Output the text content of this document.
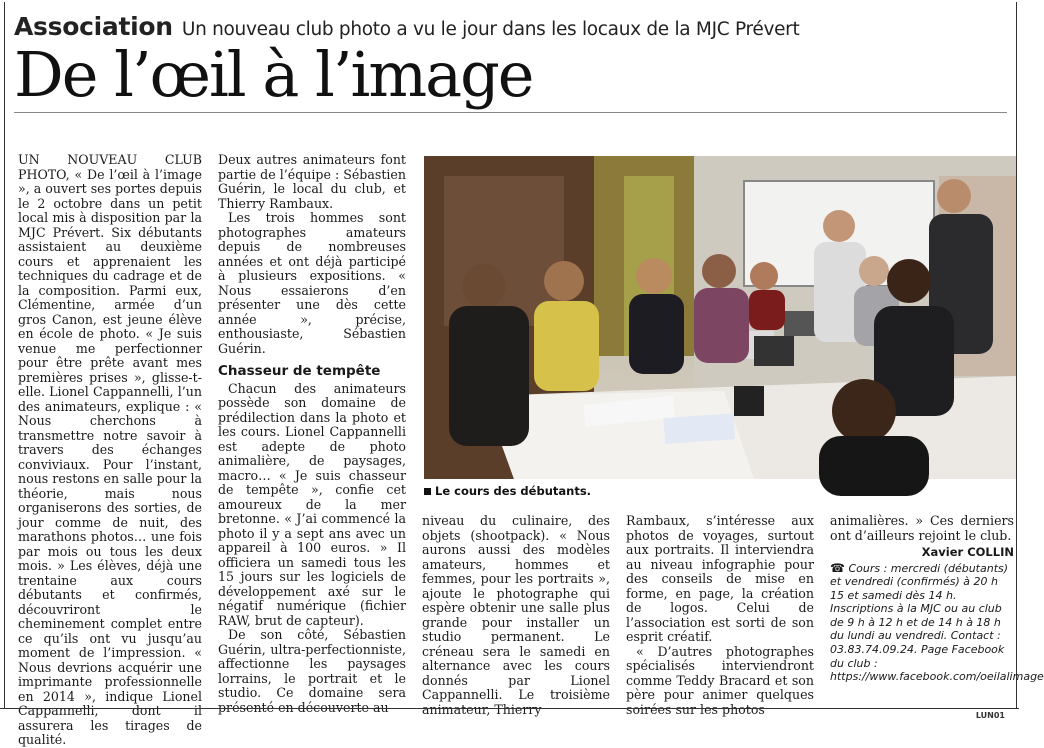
Association Un nouveau club photo a vu le jour dans les locaux de la MJC Prévert
De l’œil à l’image

UN NOUVEAU CLUB PHOTO, « De l’œil à l’image », a ouvert ses portes depuis le 2 octobre dans un petit local mis à disposition par la MJC Prévert. Six débutants assistaient au deuxième cours et apprenaient les techniques du cadrage et de la composition. Parmi eux, Clémentine, armée d’un gros Canon, est jeune élève en école de photo. « Je suis venue me perfectionner pour être prête avant mes premières prises », glisse-t-elle. Lionel Cappannelli, l’un des animateurs, explique : « Nous cherchons à transmettre notre savoir à travers des échanges conviviaux. Pour l’instant, nous restons en salle pour la théorie, mais nous organiserons des sorties, de jour comme de nuit, des marathons photos… une fois par mois ou tous les deux mois. » Les élèves, déjà une trentaine aux cours débutants et confirmés, découvriront le cheminement complet entre ce qu’ils ont vu jusqu’au moment de l’impression. « Nous devrions acquérir une imprimante professionnelle en 2014 », indique Lionel Cappannelli, dont il assurera les tirages de qualité.

Deux autres animateurs font partie de l’équipe : Sébastien Guérin, le local du club, et Thierry Rambaux.

Les trois hommes sont photographes amateurs depuis de nombreuses années et ont déjà participé à plusieurs expositions. « Nous essaierons d’en présenter une dès cette année », précise, enthousiaste, Sébastien Guérin.

Chasseur de tempête

Chacun des animateurs possède son domaine de prédilection dans la photo et les cours. Lionel Cappannelli est adepte de photo animalière, de paysages, macro… « Je suis chasseur de tempête », confie cet amoureux de la mer bretonne. « J’ai commencé la photo il y a sept ans avec un appareil à 100 euros. » Il officiera un samedi tous les 15 jours sur les logiciels de développement axé sur le négatif numérique (fichier RAW, brut de capteur).

De son côté, Sébastien Guérin, ultra-perfectionniste, affectionne les paysages lorrains, le portrait et le studio. Ce domaine sera présenté en découverte au

Le cours des débutants.

niveau du culinaire, des objets (shootpack). « Nous aurons aussi des modèles amateurs, hommes et femmes, pour les portraits », ajoute le photographe qui espère obtenir une salle plus grande pour installer un studio permanent. Le créneau sera le samedi en alternance avec les cours donnés par Lionel Cappannelli. Le troisième animateur, Thierry

Rambaux, s’intéresse aux photos de voyages, surtout aux portraits. Il interviendra au niveau infographie pour des conseils de mise en forme, en page, la création de logos. Celui de l’association est sorti de son esprit créatif.

« D’autres photographes spécialisés interviendront comme Teddy Bracard et son père pour animer quelques soirées sur les photos

animalières. » Ces derniers ont d’ailleurs rejoint le club.

Xavier COLLIN
☎ Cours : mercredi (débutants) et vendredi (confirmés) à 20 h 15 et samedi dès 14 h. Inscriptions à la MJC ou au club de 9 h à 12 h et de 14 h à 18 h du lundi au vendredi. Contact : 03.83.74.09.24. Page Facebook du club : https://www.facebook.com/oeilalimage
LUN01
